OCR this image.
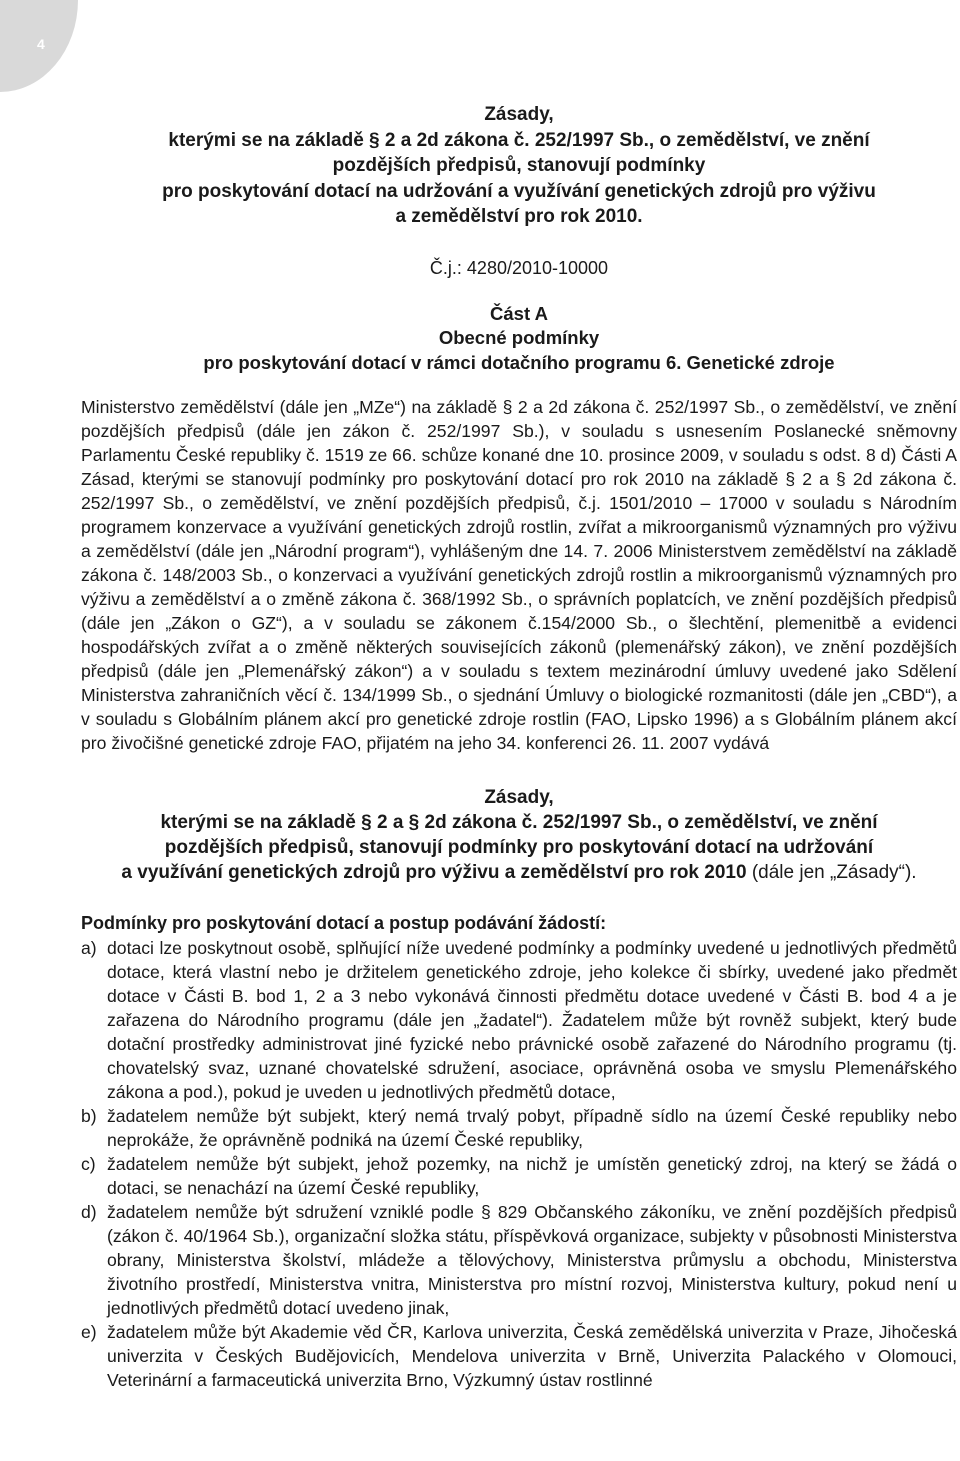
4
Zásady,
kterými se na základě § 2 a 2d zákona č. 252/1997 Sb., o zemědělství, ve znění
pozdějších předpisů, stanovují podmínky
pro poskytování dotací na udržování a využívání genetických zdrojů pro výživu
a zemědělství pro rok 2010.
Č.j.: 4280/2010-10000
Část A
Obecné podmínky
pro poskytování dotací v rámci dotačního programu 6. Genetické zdroje
Ministerstvo zemědělství (dále jen „MZe“) na základě § 2 a 2d zákona č. 252/1997 Sb., o zemědělství, ve znění pozdějších předpisů (dále jen zákon č. 252/1997 Sb.), v souladu s usnesením Poslanecké sněmovny Parlamentu České republiky č. 1519 ze 66. schůze konané dne 10. prosince 2009, v souladu s odst. 8 d) Části A Zásad, kterými se stanovují podmínky pro poskytování dotací pro rok 2010 na základě § 2 a § 2d zákona č. 252/1997 Sb., o zemědělství, ve znění pozdějších předpisů, č.j. 1501/2010 – 17000 v souladu s Národním programem konzervace a využívání genetických zdrojů rostlin, zvířat a mikroorganismů významných pro výživu a zemědělství (dále jen „Národní program“), vyhlášeným dne 14. 7. 2006 Ministerstvem zemědělství na základě zákona č. 148/2003 Sb., o konzervaci a využívání genetických zdrojů rostlin a mikroorganismů významných pro výživu a zemědělství a o změně zákona č. 368/1992 Sb., o správních poplatcích, ve znění pozdějších předpisů (dále jen „Zákon o GZ“), a v souladu se zákonem č.154/2000 Sb., o šlechtění, plemenitbě a evidenci hospodářských zvířat a o změně některých souvisejících zákonů (plemenářský zákon), ve znění pozdějších předpisů (dále jen „Plemenářský zákon“) a v souladu s textem mezinárodní úmluvy uvedené jako Sdělení Ministerstva zahraničních věcí č. 134/1999 Sb., o sjednání Úmluvy o biologické rozmanitosti (dále jen „CBD“), a v souladu s Globálním plánem akcí pro genetické zdroje rostlin (FAO, Lipsko 1996) a s Globálním plánem akcí pro živočišné genetické zdroje FAO, přijatém na jeho 34. konferenci 26. 11. 2007 vydává
Zásady,
kterými se na základě § 2 a § 2d zákona č. 252/1997 Sb., o zemědělství, ve znění
pozdějších předpisů, stanovují podmínky pro poskytování dotací na udržování
a využívání genetických zdrojů pro výživu a zemědělství pro rok 2010 (dále jen „Zásady“).
Podmínky pro poskytování dotací a postup podávání žádostí:
a) dotaci lze poskytnout osobě, splňující níže uvedené podmínky a podmínky uvedené u jednotlivých předmětů dotace, která vlastní nebo je držitelem genetického zdroje, jeho kolekce či sbírky, uvedené jako předmět dotace v Části B. bod 1, 2 a 3 nebo vykonává činnosti předmětu dotace uvedené v Části B. bod 4 a je zařazena do Národního programu (dále jen „žadatel“). Žadatelem může být rovněž subjekt, který bude dotační prostředky administrovat jiné fyzické nebo právnické osobě zařazené do Národního programu (tj. chovatelský svaz, uznané chovatelské sdružení, asociace, oprávněná osoba ve smyslu Plemenářského zákona a pod.), pokud je uveden u jednotlivých předmětů dotace,
b) žadatelem nemůže být subjekt, který nemá trvalý pobyt, případně sídlo na území České republiky nebo neprokáže, že oprávněně podniká na území České republiky,
c) žadatelem nemůže být subjekt, jehož pozemky, na nichž je umístěn genetický zdroj, na který se žádá o dotaci, se nenachází na území České republiky,
d) žadatelem nemůže být sdružení vzniklé podle § 829 Občanského zákoníku, ve znění pozdějších předpisů (zákon č. 40/1964 Sb.), organizační složka státu, příspěvková organizace, subjekty v působnosti Ministerstva obrany, Ministerstva školství, mládeže a tělovýchovy, Ministerstva průmyslu a obchodu, Ministerstva životního prostředí, Ministerstva vnitra, Ministerstva pro místní rozvoj, Ministerstva kultury, pokud není u jednotlivých předmětů dotací uvedeno jinak,
e) žadatelem může být Akademie věd ČR, Karlova univerzita, Česká zemědělská univerzita v Praze, Jihočeská univerzita v Českých Budějovicích, Mendelova univerzita v Brně, Univerzita Palackého v Olomouci, Veterinární a farmaceutická univerzita Brno, Výzkumný ústav rostlinné
